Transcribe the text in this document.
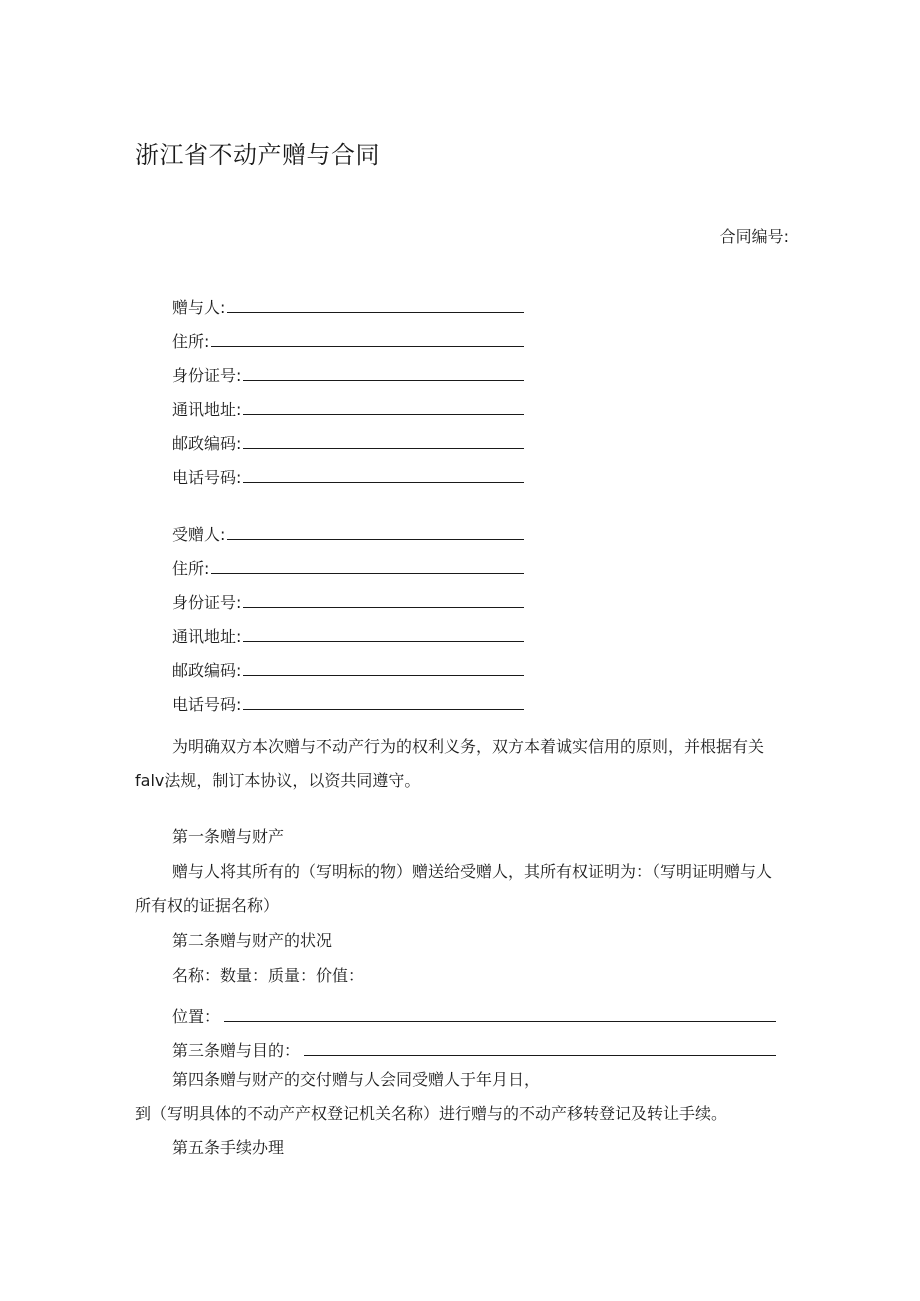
浙江省不动产赠与合同
合同编号:
赠与人:
住所:
身份证号:
通讯地址:
邮政编码:
电话号码:
受赠人:
住所:
身份证号:
通讯地址:
邮政编码:
电话号码:

为明确双方本次赠与不动产行为的权利义务，双方本着诚实信用的原则，并根据有关falv法规，制订本协议，以资共同遵守。

第一条赠与财产

赠与人将其所有的（写明标的物）赠送给受赠人，其所有权证明为：（写明证明赠与人所有权的证据名称）

第二条赠与财产的状况
名称：数量：质量：价值：
位置：
第三条赠与目的：
第四条赠与财产的交付赠与人会同受赠人于年月日，
到（写明具体的不动产产权登记机关名称）进行赠与的不动产移转登记及转让手续。
第五条手续办理
